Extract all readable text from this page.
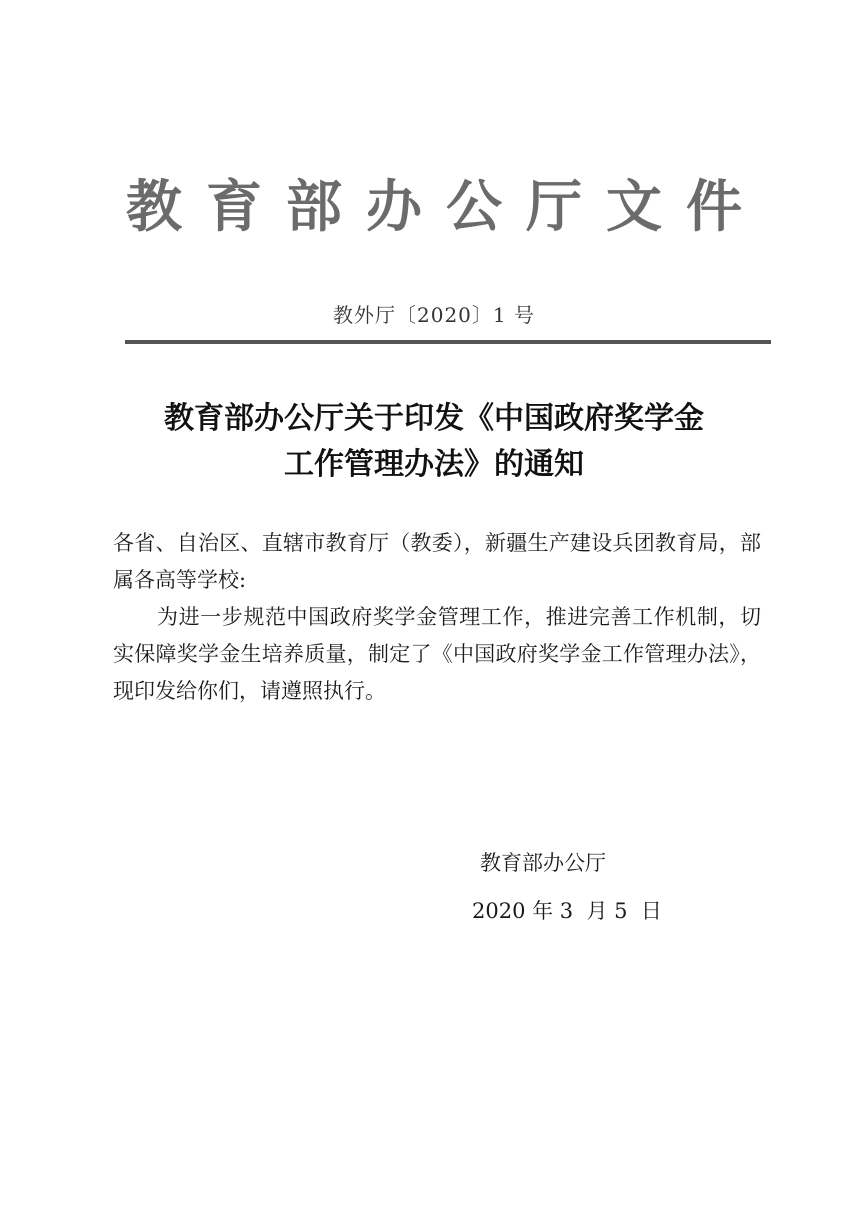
教育部办公厅文件
教外厅〔2020〕1 号
教育部办公厅关于印发《中国政府奖学金
工作管理办法》的通知

各省、自治区、直辖市教育厅（教委），新疆生产建设兵团教育局，部属各高等学校:

为进一步规范中国政府奖学金管理工作，推进完善工作机制，切实保障奖学金生培养质量，制定了《中国政府奖学金工作管理办法》，现印发给你们，请遵照执行。

教育部办公厅
2020 年 3  月 5  日
